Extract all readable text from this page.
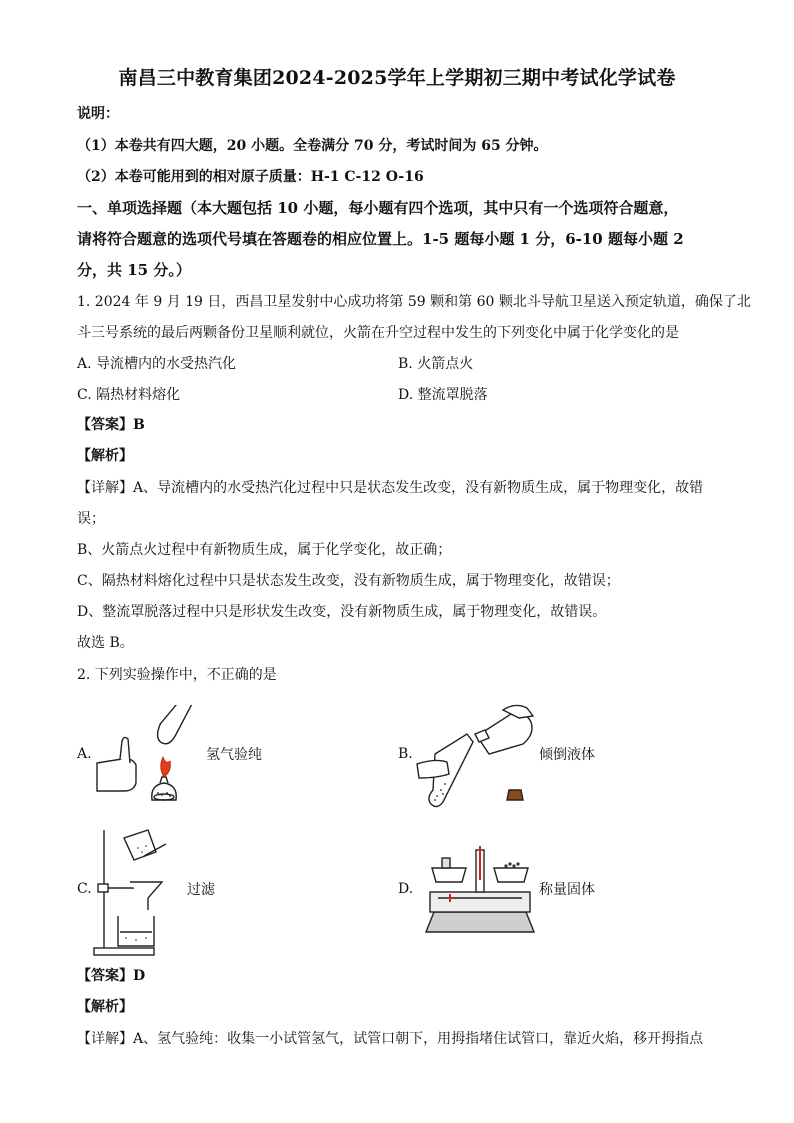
南昌三中教育集团2024-2025学年上学期初三期中考试化学试卷
说明：
（1）本卷共有四大题，20 小题。全卷满分 70 分，考试时间为 65 分钟。
（2）本卷可能用到的相对原子质量：H-1 C-12 O-16
一、单项选择题（本大题包括 10 小题，每小题有四个选项，其中只有一个选项符合题意，
请将符合题意的选项代号填在答题卷的相应位置上。1-5 题每小题 1 分，6-10 题每小题 2
分，共 15 分。）
1. 2024 年 9 月 19 日，西昌卫星发射中心成功将第 59 颗和第 60 颗北斗导航卫星送入预定轨道，确保了北
斗三号系统的最后两颗备份卫星顺利就位，火箭在升空过程中发生的下列变化中属于化学变化的是
A. 导流槽内的水受热汽化	B. 火箭点火
C. 隔热材料熔化	D. 整流罩脱落
【答案】B
【解析】
【详解】A、导流槽内的水受热汽化过程中只是状态发生改变，没有新物质生成，属于物理变化，故错
误；
B、火箭点火过程中有新物质生成，属于化学变化，故正确；
C、隔热材料熔化过程中只是状态发生改变，没有新物质生成，属于物理变化，故错误；
D、整流罩脱落过程中只是形状发生改变，没有新物质生成，属于物理变化，故错误。
故选 B。
2. 下列实验操作中，不正确的是
A.	氢气验纯	B.	倾倒液体
C.	过滤	D.	称量固体
【答案】D
【解析】
【详解】A、氢气验纯：收集一小试管氢气，试管口朝下，用拇指堵住试管口，靠近火焰，移开拇指点
